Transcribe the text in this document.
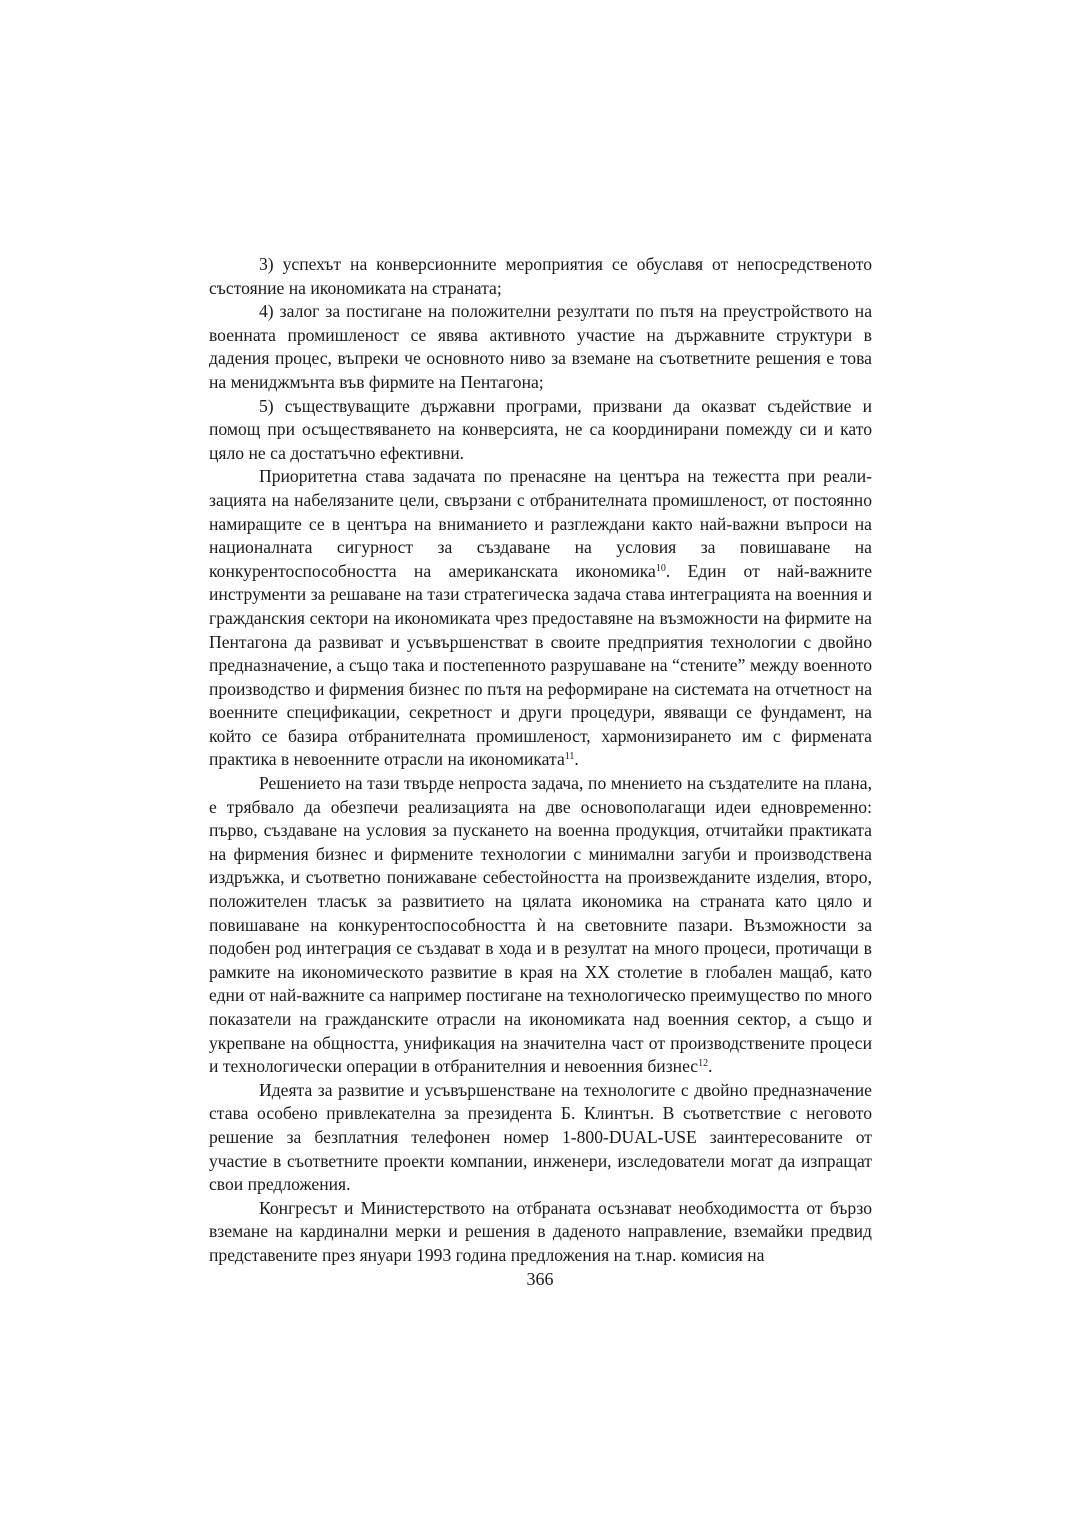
3) успехът на конверсионните мероприятия се обуславя от непосредственото състояние на икономиката на страната;

4) залог за постигане на положителни резултати по пътя на преустройството на военната промишленост се явява активното участие на държавните структури в дадения процес, въпреки че основното ниво за вземане на съответните решения е това на мениджмънта във фирмите на Пентагона;

5) съществуващите държавни програми, призвани да оказват съдействие и помощ при осъществяването на конверсията, не са координирани помежду си и като цяло не са достатъчно ефективни.

Приоритетна става задачата по пренасяне на центъра на тежестта при реализацията на набелязаните цели, свързани с отбранителната промишленост, от постоянно намиращите се в центъра на вниманието и разглеждани както най-важни въпроси на националната сигурност за създаване на условия за повишаване на конкурентоспособността на американската икономика$^{10}$. Един от най-важните инструменти за решаване на тази стратегическа задача става интеграцията на военния и гражданския сектори на икономиката чрез предоставяне на възможности на фирмите на Пентагона да развиват и усъвършенстват в своите предприятия технологии с двойно предназначение, а също така и постепенното разрушаване на “стените” между военното производство и фирмения бизнес по пътя на реформиране на системата на отчетност на военните спецификации, секретност и други процедури, явяващи се фундамент, на който се базира отбранителната промишленост, хармонизирането им с фирмената практика в невоенните отрасли на икономиката$^{11}$.

Решението на тази твърде непроста задача, по мнението на създателите на плана, е трябвало да обезпечи реализацията на две основополагащи идеи едновременно: първо, създаване на условия за пускането на военна продукция, отчитайки практиката на фирмения бизнес и фирмените технологии с минимални загуби и производствена издръжка, и съответно понижаване себестойността на произвежданите изделия, второ, положителен тласък за развитието на цялата икономика на страната като цяло и повишаване на конкурентоспособността ѝ на световните пазари. Възможности за подобен род интеграция се създават в хода и в резултат на много процеси, протичащи в рамките на икономическото развитие в края на XX столетие в глобален мащаб, като едни от най-важните са например постигане на технологическо преимущество по много показатели на гражданските отрасли на икономиката над военния сектор, а също и укрепване на общността, унификация на значителна част от производствените процеси и технологически операции в отбранителния и невоенния бизнес$^{12}$.

Идеята за развитие и усъвършенстване на технологите с двойно предназначение става особено привлекателна за президента Б. Клинтън. В съответствие с неговото решение за безплатния телефонен номер 1-800-DUAL-USE заинтересованите от участие в съответните проекти компании, инженери, изследователи могат да изпращат свои предложения.

Конгресът и Министерството на отбраната осъзнават необходимостта от бързо вземане на кардинални мерки и решения в даденото направление, вземайки предвид представените през януари 1993 година предложения на т.нар. комисия на

366
